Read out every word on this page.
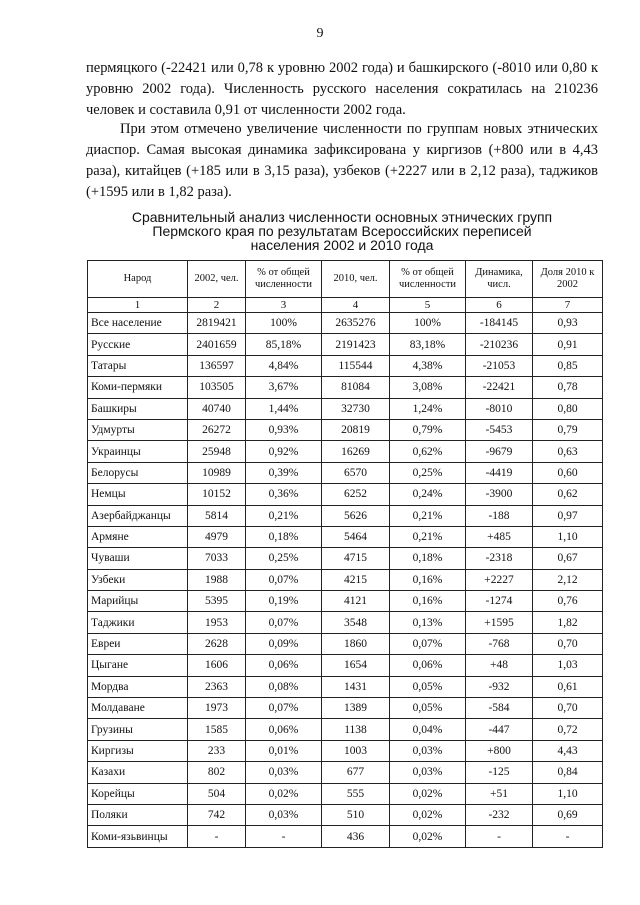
9

пермяцкого (-22421 или 0,78 к уровню 2002 года) и башкирского (-8010 или 0,80 к уровню 2002 года). Численность русского населения сократилась на 210236 человек и составила 0,91 от численности 2002 года.

При этом отмечено увеличение численности по группам новых этнических диаспор. Самая высокая динамика зафиксирована у киргизов (+800 или в 4,43 раза), китайцев (+185 или в 3,15 раза), узбеков (+2227 или в 2,12 раза), таджиков (+1595 или в 1,82 раза).

Сравнительный анализ численности основных этнических групп
Пермского края по результатам Всероссийских переписей
населения 2002 и 2010 года
Народ	2002, чел.	% от общей численности	2010, чел.	% от общей численности	Динамика, числ.	Доля 2010 к 2002
1	2	3	4	5	6	7
Все население	2819421	100%	2635276	100%	-184145	0,93
Русские	2401659	85,18%	2191423	83,18%	-210236	0,91
Татары	136597	4,84%	115544	4,38%	-21053	0,85
Коми-пермяки	103505	3,67%	81084	3,08%	-22421	0,78
Башкиры	40740	1,44%	32730	1,24%	-8010	0,80
Удмурты	26272	0,93%	20819	0,79%	-5453	0,79
Украинцы	25948	0,92%	16269	0,62%	-9679	0,63
Белорусы	10989	0,39%	6570	0,25%	-4419	0,60
Немцы	10152	0,36%	6252	0,24%	-3900	0,62
Азербайджанцы	5814	0,21%	5626	0,21%	-188	0,97
Армяне	4979	0,18%	5464	0,21%	+485	1,10
Чуваши	7033	0,25%	4715	0,18%	-2318	0,67
Узбеки	1988	0,07%	4215	0,16%	+2227	2,12
Марийцы	5395	0,19%	4121	0,16%	-1274	0,76
Таджики	1953	0,07%	3548	0,13%	+1595	1,82
Евреи	2628	0,09%	1860	0,07%	-768	0,70
Цыгане	1606	0,06%	1654	0,06%	+48	1,03
Мордва	2363	0,08%	1431	0,05%	-932	0,61
Молдаване	1973	0,07%	1389	0,05%	-584	0,70
Грузины	1585	0,06%	1138	0,04%	-447	0,72
Киргизы	233	0,01%	1003	0,03%	+800	4,43
Казахи	802	0,03%	677	0,03%	-125	0,84
Корейцы	504	0,02%	555	0,02%	+51	1,10
Поляки	742	0,03%	510	0,02%	-232	0,69
Коми-язьвинцы	-	-	436	0,02%	-	-
